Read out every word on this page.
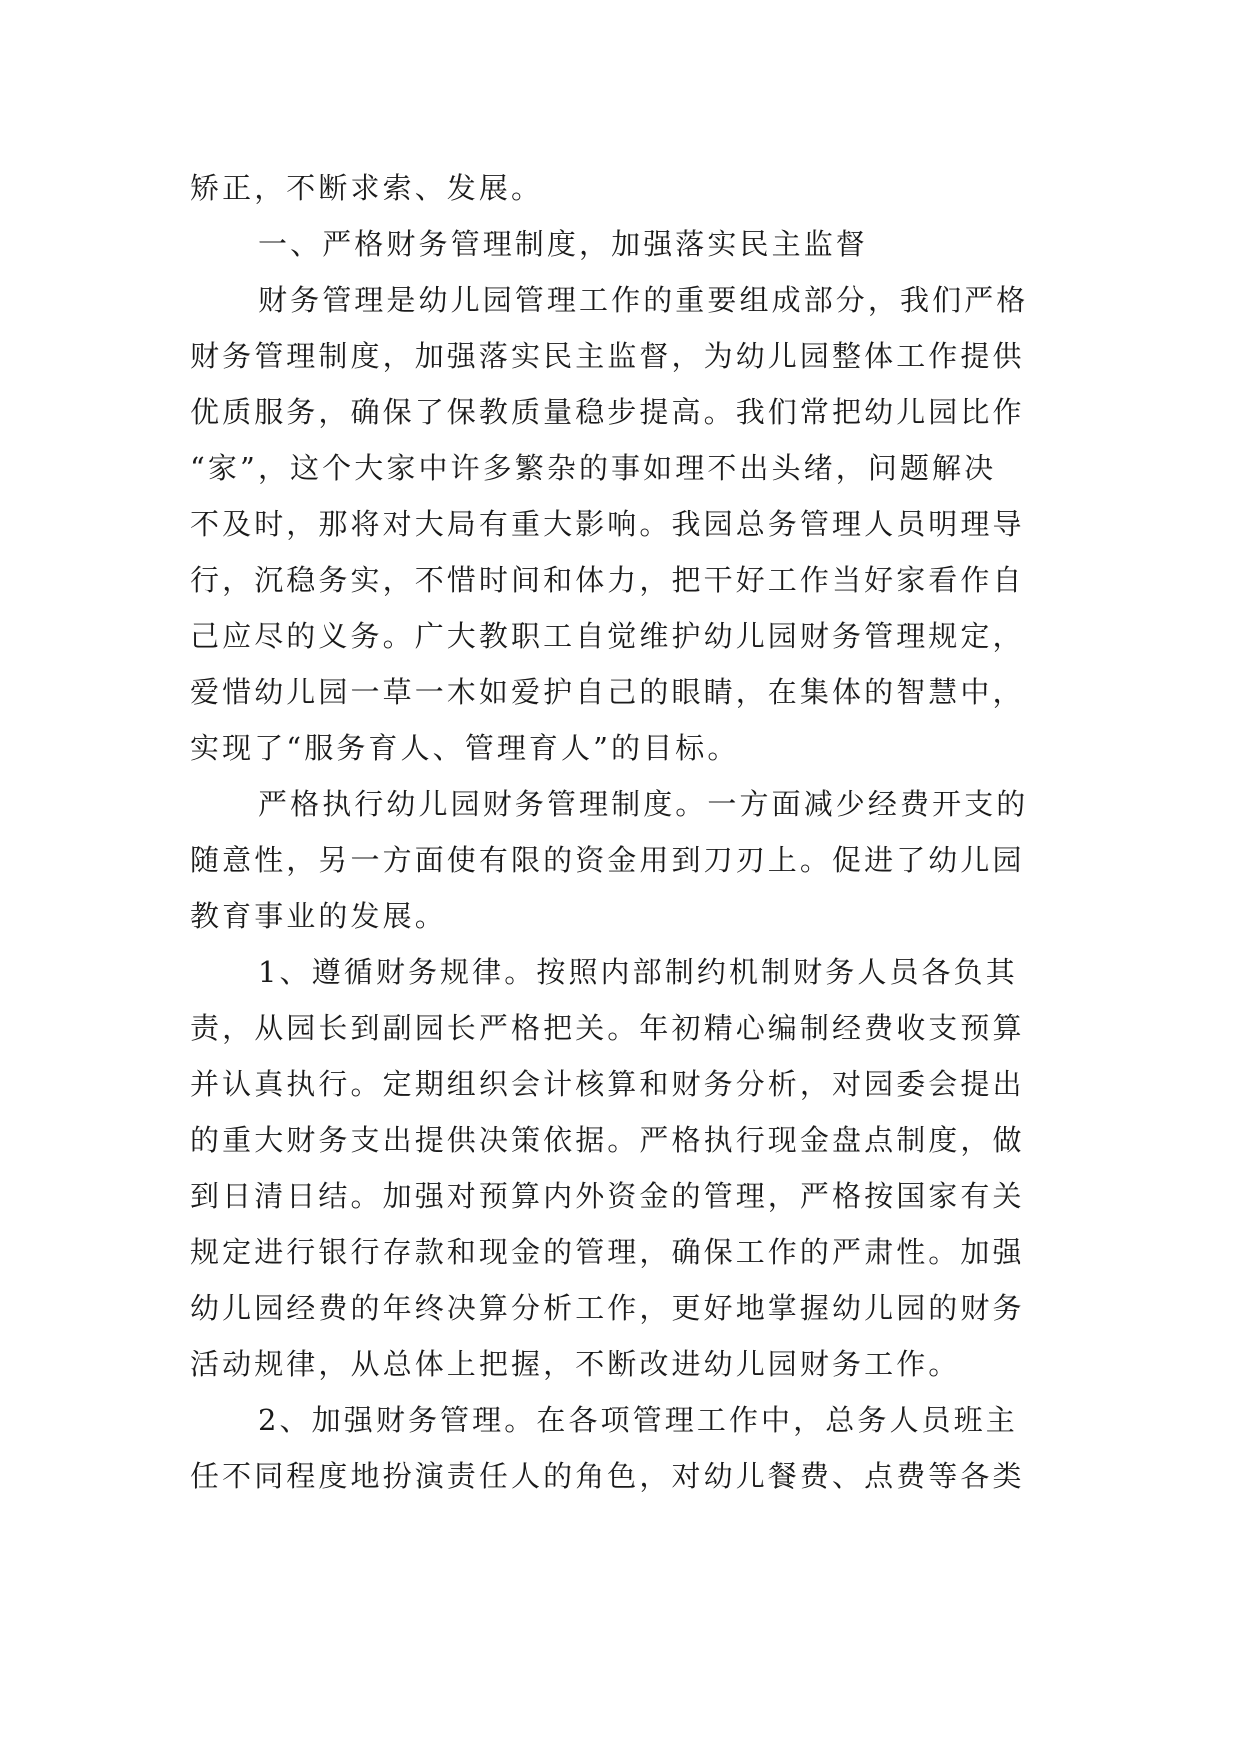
矫正，不断求索、发展。
一、严格财务管理制度，加强落实民主监督
财务管理是幼儿园管理工作的重要组成部分，我们严格
财务管理制度，加强落实民主监督，为幼儿园整体工作提供
优质服务，确保了保教质量稳步提高。我们常把幼儿园比作
“家”，这个大家中许多繁杂的事如理不出头绪，问题解决
不及时，那将对大局有重大影响。我园总务管理人员明理导
行，沉稳务实，不惜时间和体力，把干好工作当好家看作自
己应尽的义务。广大教职工自觉维护幼儿园财务管理规定，
爱惜幼儿园一草一木如爱护自己的眼睛，在集体的智慧中，
实现了“服务育人、管理育人”的目标。
严格执行幼儿园财务管理制度。一方面减少经费开支的
随意性，另一方面使有限的资金用到刀刃上。促进了幼儿园
教育事业的发展。
1、遵循财务规律。按照内部制约机制财务人员各负其
责，从园长到副园长严格把关。年初精心编制经费收支预算
并认真执行。定期组织会计核算和财务分析，对园委会提出
的重大财务支出提供决策依据。严格执行现金盘点制度，做
到日清日结。加强对预算内外资金的管理，严格按国家有关
规定进行银行存款和现金的管理，确保工作的严肃性。加强
幼儿园经费的年终决算分析工作，更好地掌握幼儿园的财务
活动规律，从总体上把握，不断改进幼儿园财务工作。
2、加强财务管理。在各项管理工作中，总务人员班主
任不同程度地扮演责任人的角色，对幼儿餐费、点费等各类
